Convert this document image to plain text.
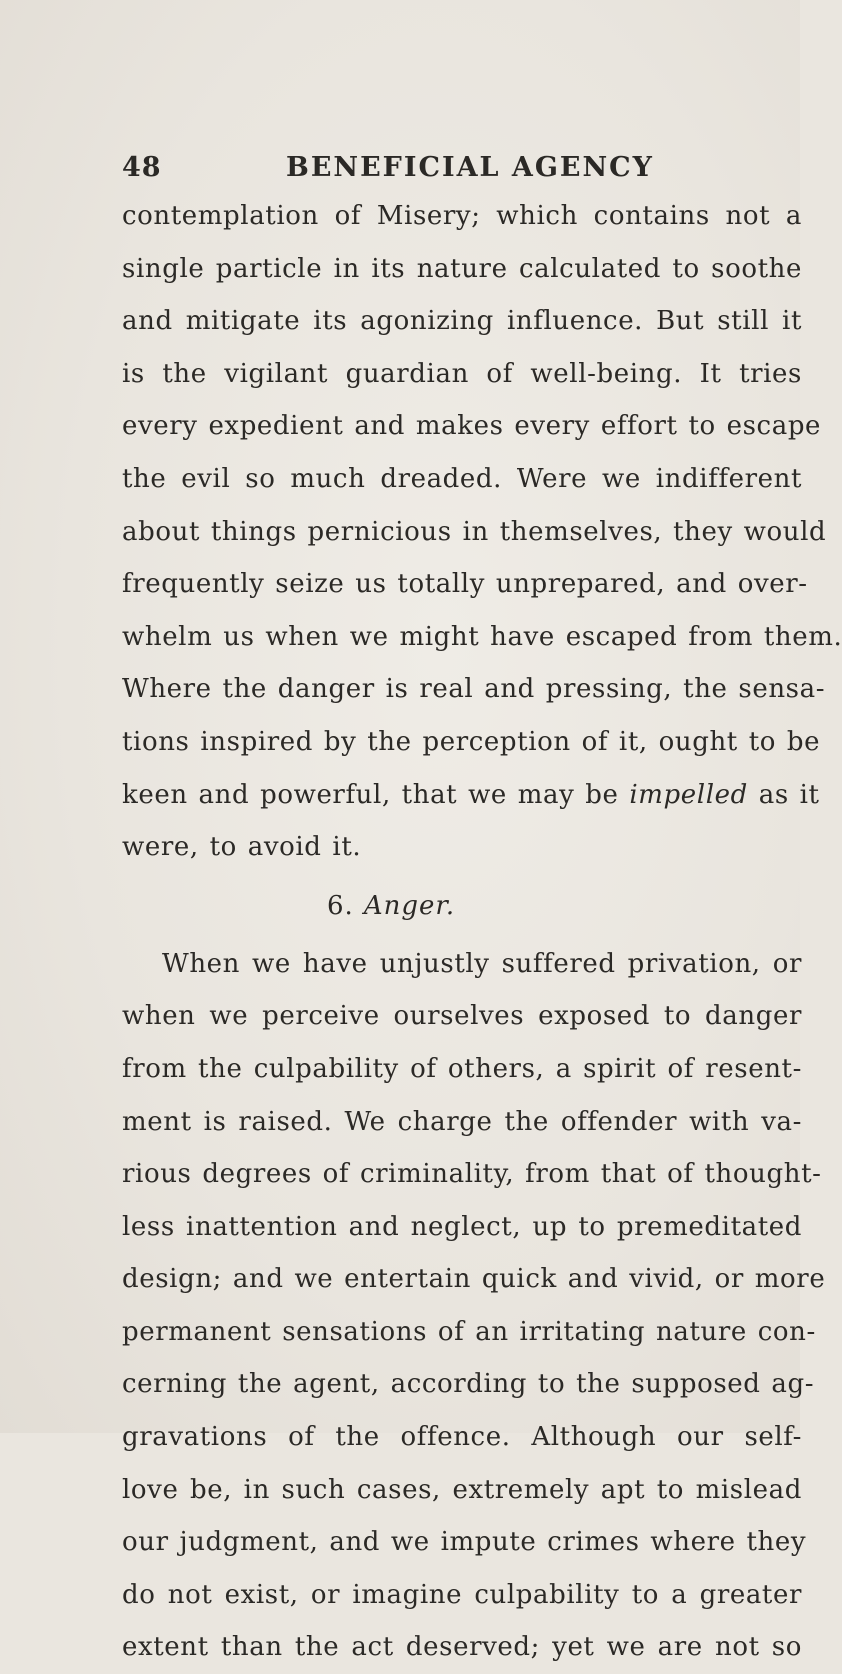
48	BENEFICIAL AGENCY
contemplation of Misery; which contains not a
single particle in its nature calculated to soothe
and mitigate its agonizing influence. But still it
is the vigilant guardian of well-being. It tries
every expedient and makes every effort to escape
the evil so much dreaded. Were we indifferent
about things pernicious in themselves, they would
frequently seize us totally unprepared, and over-
whelm us when we might have escaped from them.
Where the danger is real and pressing, the sensa-
tions inspired by the perception of it, ought to be
keen and powerful, that we may be impelled as it
were, to avoid it.
6. Anger.
When we have unjustly suffered privation, or
when we perceive ourselves exposed to danger
from the culpability of others, a spirit of resent-
ment is raised. We charge the offender with va-
rious degrees of criminality, from that of thought-
less inattention and neglect, up to premeditated
design; and we entertain quick and vivid, or more
permanent sensations of an irritating nature con-
cerning the agent, according to the supposed ag-
gravations of the offence. Although our self-
love be, in such cases, extremely apt to mislead
our judgment, and we impute crimes where they
do not exist, or imagine culpability to a greater
extent than the act deserved; yet we are not so
